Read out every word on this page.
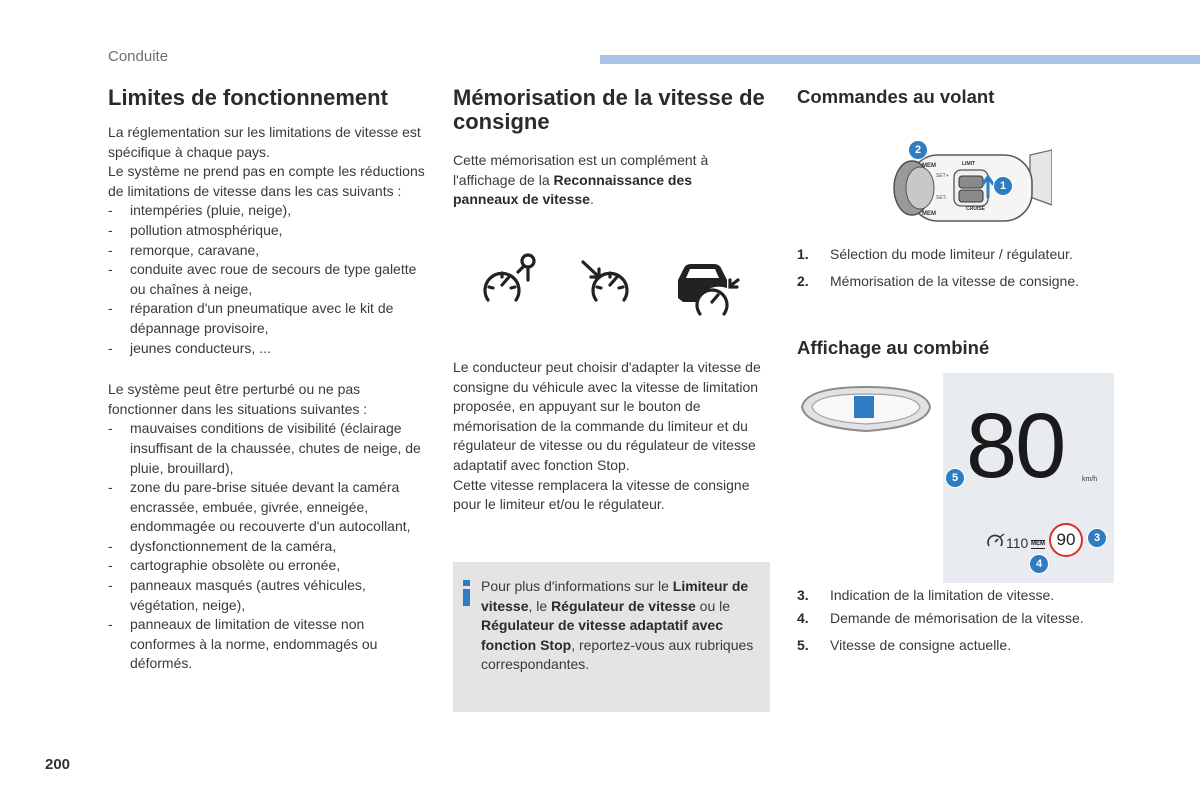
Conduite
Limites de fonctionnement

La réglementation sur les limitations de vitesse est spécifique à chaque pays.

Le système ne prend pas en compte les réductions de limitations de vitesse dans les cas suivants :

- intempéries (pluie, neige),
- pollution atmosphérique,
- remorque, caravane,
- conduite avec roue de secours de type galette ou chaînes à neige,
- réparation d'un pneumatique avec le kit de dépannage provisoire,
- jeunes conducteurs, ...

Le système peut être perturbé ou ne pas fonctionner dans les situations suivantes :

- mauvaises conditions de visibilité (éclairage insuffisant de la chaussée, chutes de neige, de pluie, brouillard),
- zone du pare-brise située devant la caméra encrassée, embuée, givrée, enneigée, endommagée ou recouverte d'un autocollant,
- dysfonctionnement de la caméra,
- cartographie obsolète ou erronée,
- panneaux masqués (autres véhicules, végétation, neige),
- panneaux de limitation de vitesse non conformes à la norme, endommagés ou déformés.
Mémorisation de la vitesse de consigne

Cette mémorisation est un complément à l'affichage de la Reconnaissance des panneaux de vitesse.

Le conducteur peut choisir d'adapter la vitesse de consigne du véhicule avec la vitesse de limitation proposée, en appuyant sur le bouton de mémorisation de la commande du limiteur et du régulateur de vitesse ou du régulateur de vitesse adaptatif avec fonction Stop.

Cette vitesse remplacera la vitesse de consigne pour le limiteur et/ou le régulateur.

Pour plus d'informations sur le Limiteur de vitesse, le Régulateur de vitesse ou le Régulateur de vitesse adaptatif avec fonction Stop, reportez-vous aux rubriques correspondantes.

Commandes au volant
MEM
MEM
SET+
SET-
LIMIT
CRUISE
1
2
1. Sélection du mode limiteur / régulateur.
2. Mémorisation de la vitesse de consigne.
Affichage au combiné
80	km/h
110 MEM 90	3
4
5
3. Indication de la limitation de vitesse.
4. Demande de mémorisation de la vitesse.
5. Vitesse de consigne actuelle.
200
